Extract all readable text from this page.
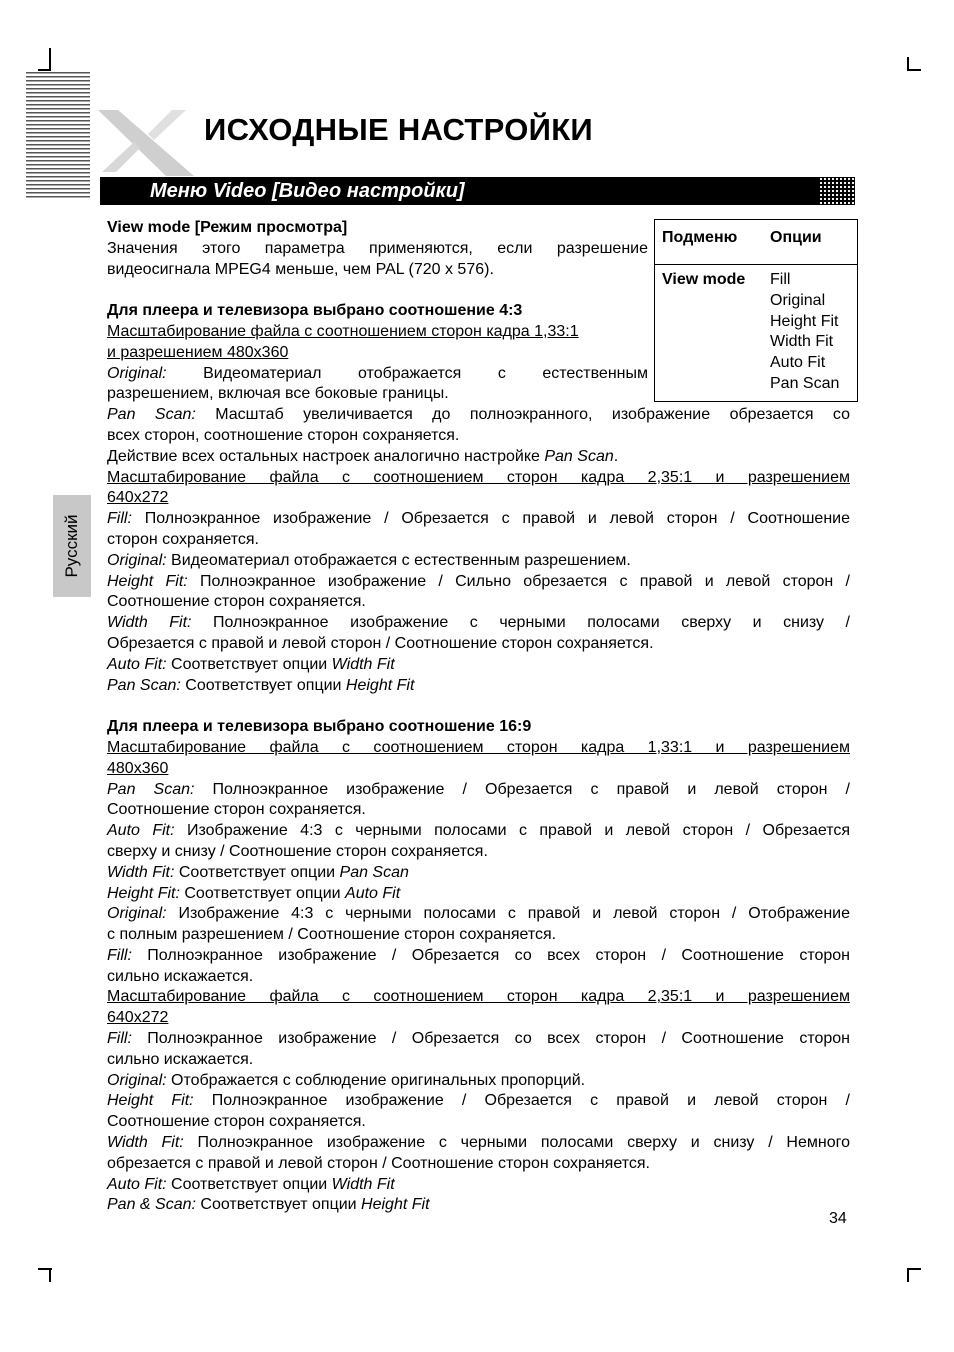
ИСХОДНЫЕ НАСТРОЙКИ
Меню Video [Видео настройки]
Русский
Подменю Опции
View mode Fill
Original
Height Fit
Width Fit
Auto Fit
Pan Scan

View mode [Режим просмотра]

Значения этого параметра применяются, если разрешение

видеосигнала MPEG4 меньше, чем PAL (720 x 576).

Для плеера и телевизора выбрано соотношение 4:3

Масштабирование файла с соотношением сторон кадра 1,33:1

и разрешением 480x360

Original: Видеоматериал отображается с естественным

разрешением, включая все боковые границы.

Pan Scan: Масштаб увеличивается до полноэкранного, изображение обрезается со

всех сторон, соотношение сторон сохраняется.

Действие всех остальных настроек аналогично настройке Pan Scan.

Масштабирование файла с соотношением сторон кадра 2,35:1 и разрешением

640x272

Fill: Полноэкранное изображение / Обрезается с правой и левой сторон / Соотношение

сторон сохраняется.

Original: Видеоматериал отображается с естественным разрешением.

Height Fit: Полноэкранное изображение / Сильно обрезается с правой и левой сторон /

Соотношение сторон сохраняется.

Width Fit: Полноэкранное изображение с черными полосами сверху и снизу /

Обрезается с правой и левой сторон / Соотношение сторон сохраняется.

Auto Fit: Соответствует опции Width Fit

Pan Scan: Соответствует опции Height Fit

Для плеера и телевизора выбрано соотношение 16:9

Масштабирование файла с соотношением сторон кадра 1,33:1 и разрешением

480x360

Pan Scan: Полноэкранное изображение / Обрезается с правой и левой сторон /

Соотношение сторон сохраняется.

Auto Fit: Изображение 4:3 с черными полосами с правой и левой сторон / Обрезается

сверху и снизу / Соотношение сторон сохраняется.

Width Fit: Соответствует опции Pan Scan

Height Fit: Соответствует опции Auto Fit

Original: Изображение 4:3 с черными полосами с правой и левой сторон / Отображение

с полным разрешением / Соотношение сторон сохраняется.

Fill: Полноэкранное изображение / Обрезается со всех сторон / Соотношение сторон

сильно искажается.

Масштабирование файла с соотношением сторон кадра 2,35:1 и разрешением

640x272

Fill: Полноэкранное изображение / Обрезается со всех сторон / Соотношение сторон

сильно искажается.

Original: Отображается с соблюдение оригинальных пропорций.

Height Fit: Полноэкранное изображение / Обрезается с правой и левой сторон /

Соотношение сторон сохраняется.

Width Fit: Полноэкранное изображение с черными полосами сверху и снизу / Немного

обрезается с правой и левой сторон / Соотношение сторон сохраняется.

Auto Fit: Соответствует опции Width Fit

Pan & Scan: Соответствует опции Height Fit

34
